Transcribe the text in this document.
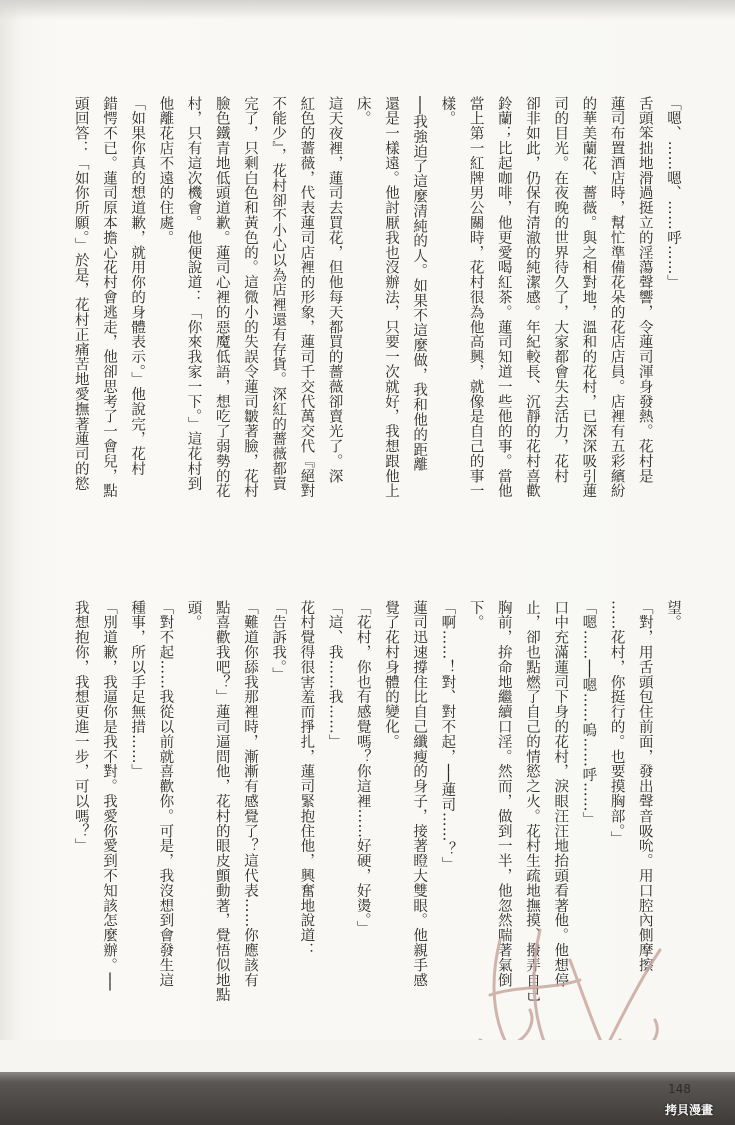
「嗯、……嗯、……呼……」

舌頭笨拙地滑過挺立的淫蕩聲響，令蓮司渾身發熱。花村是

蓮司布置酒店時，幫忙準備花朵的花店店員。店裡有五彩繽紛

的華美蘭花、薔薇。與之相對地，溫和的花村，已深深吸引蓮

司的目光。在夜晚的世界待久了，大家都會失去活力，花村

卻非如此，仍保有清澈的純潔感。年紀較長、沉靜的花村喜歡

鈴蘭；比起咖啡，他更愛喝紅茶。蓮司知道一些他的事。當他

當上第一紅牌男公關時，花村很為他高興，就像是自己的事一

樣。

──我強迫了這麼清純的人。如果不這麼做，我和他的距離

還是一樣遠。他討厭我也沒辦法，只要一次就好，我想跟他上

床。

這天夜裡，蓮司去買花，但他每天都買的薔薇卻賣光了。深

紅色的薔薇，代表蓮司店裡的形象，蓮司千交代萬交代『絕對

不能少』，花村卻不小心以為店裡還有存貨。深紅的薔薇都賣

完了，只剩白色和黃色的。這微小的失誤令蓮司皺著臉，花村

臉色鐵青地低頭道歉。蓮司心裡的惡魔低語，想吃了弱勢的花

村，只有這次機會。他便說道：「你來我家一下。」這花村到

他離花店不遠的住處。

「如果你真的想道歉，就用你的身體表示。」他說完，花村

錯愕不已。蓮司原本擔心花村會逃走，他卻思考了一會兒，點

頭回答：「如你所願。」於是，花村正痛苦地愛撫著蓮司的慾

望。

「對，用舌頭包住前面，發出聲音吸吮。用口腔內側摩擦

……花村，你挺行的。也要摸胸部。」

「嗯……──嗯……嗚……呼……」

口中充滿蓮司下身的花村，淚眼汪汪地抬頭看著他。他想停

止，卻也點燃了自己的情慾之火。花村生疏地撫摸、撥弄自己

胸前，拚命地繼續口淫。然而，做到一半，他忽然喘著氣倒

下。

「啊……！對、對不起，──蓮司……？」

蓮司迅速撐住比自己纖瘦的身子，接著瞪大雙眼。他親手感

覺了花村身體的變化。

「花村，你也有感覺嗎？你這裡……好硬，好燙。」

「這、我……我……」

花村覺得很害羞而掙扎，蓮司緊抱住他，興奮地說道：

「告訴我。」

「難道你舔我那裡時，漸漸有感覺了？這代表……你應該有

點喜歡我吧？」蓮司逼問他，花村的眼皮顫動著，覺悟似地點

頭。

「對不起……我從以前就喜歡你。可是，我沒想到會發生這

種事，所以手足無措……」

「別道歉，我逼你是我不對。我愛你愛到不知該怎麼辦。──

我想抱你，我想更進一步，可以嗎？」

148
拷貝漫畫
